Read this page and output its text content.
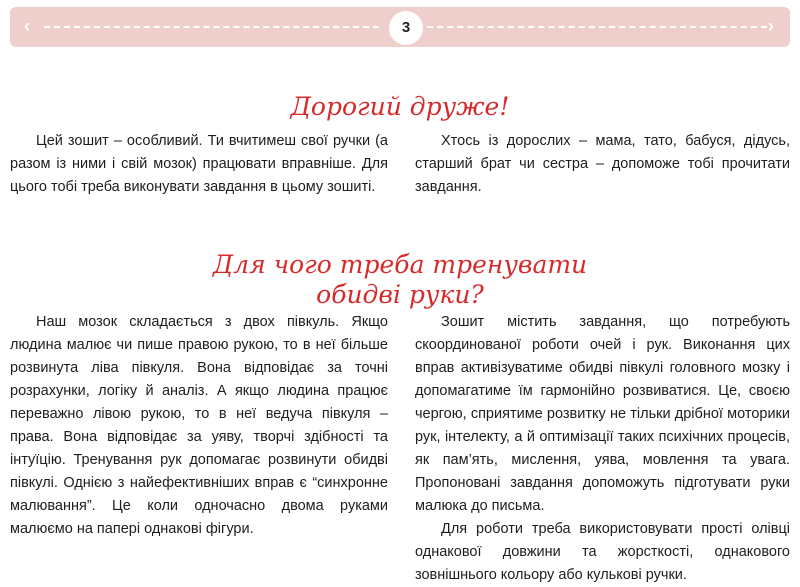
‹	3	›
Дорогий друже!

Цей зошит – особливий. Ти вчитимеш свої ручки (а разом із ними і свій мозок) працювати вправніше. Для цього тобі треба виконувати завдання в цьому зошиті.

Хтось із дорослих – мама, тато, бабуся, дідусь, старший брат чи сестра – допоможе тобі прочитати завдання.

Для чого треба тренувати
обидві руки?

Наш мозок складається з двох півкуль. Якщо людина малює чи пише правою рукою, то в неї більше розвинута ліва півкуля. Вона відповідає за точні розрахунки, логіку й аналіз. А якщо людина працює переважно лівою рукою, то в неї ведуча півкуля – права. Вона відповідає за уяву, творчі здібності та інтуїцію. Тренування рук допомагає розвинути обидві півкулі. Однією з найефективніших вправ є “синхронне малювання”. Це коли одночасно двома руками малюємо на папері однакові фігури.

Зошит містить завдання, що потребують скоординованої роботи очей і рук. Виконання цих вправ активізуватиме обидві півкулі головного мозку і допомагатиме їм гармонійно розвиватися. Це, своєю чергою, сприятиме розвитку не тільки дрібної моторики рук, інтелекту, а й оптимізації таких психічних процесів, як пам’ять, мислення, уява, мовлення та увага. Пропоновані завдання допоможуть підготувати руки малюка до письма.

Для роботи треба використовувати прості олівці однакової довжини та жорсткості, однакового зовнішнього кольору або кулькові ручки.
